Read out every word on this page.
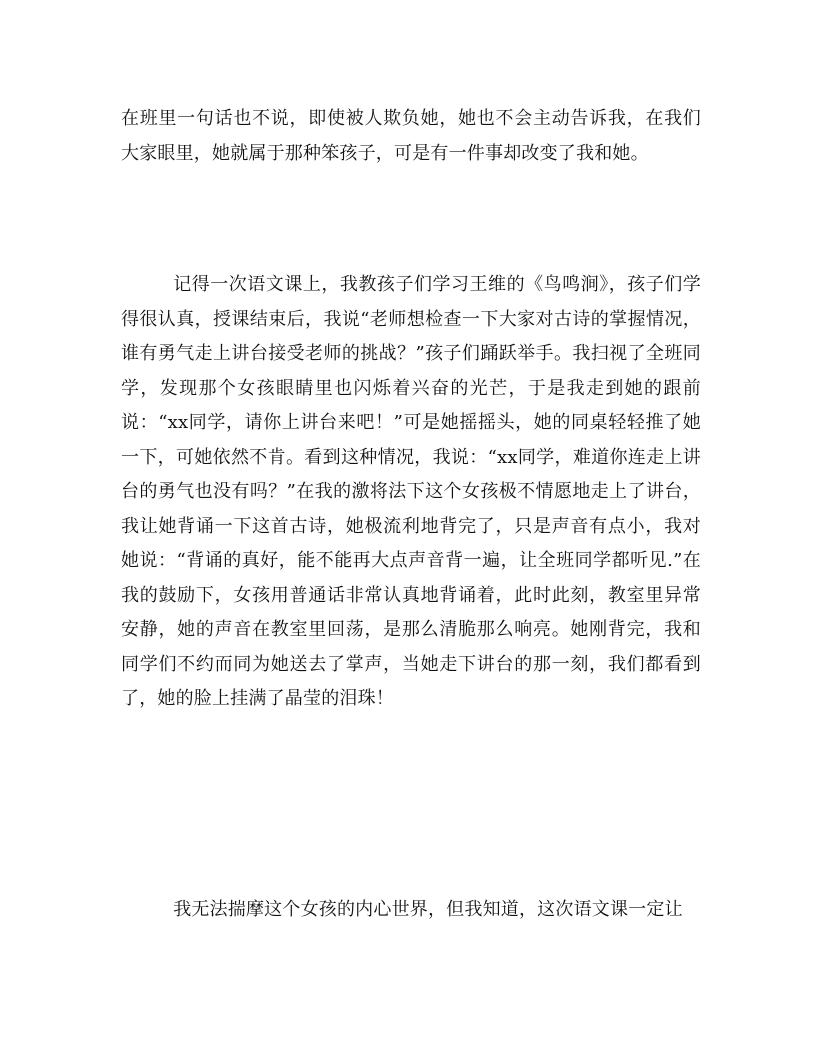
在班里一句话也不说，即使被人欺负她，她也不会主动告诉我，在我们大家眼里，她就属于那种笨孩子，可是有一件事却改变了我和她。

记得一次语文课上，我教孩子们学习王维的《鸟鸣涧》，孩子们学得很认真，授课结束后，我说“老师想检查一下大家对古诗的掌握情况，谁有勇气走上讲台接受老师的挑战？”孩子们踊跃举手。我扫视了全班同学，发现那个女孩眼睛里也闪烁着兴奋的光芒，于是我走到她的跟前说：“xx同学，请你上讲台来吧！”可是她摇摇头，她的同桌轻轻推了她一下，可她依然不肯。看到这种情况，我说：“xx同学，难道你连走上讲台的勇气也没有吗？”在我的激将法下这个女孩极不情愿地走上了讲台，我让她背诵一下这首古诗，她极流利地背完了，只是声音有点小，我对她说：“背诵的真好，能不能再大点声音背一遍，让全班同学都听见.”在我的鼓励下，女孩用普通话非常认真地背诵着，此时此刻，教室里异常安静，她的声音在教室里回荡，是那么清脆那么响亮。她刚背完，我和同学们不约而同为她送去了掌声，当她走下讲台的那一刻，我们都看到了，她的脸上挂满了晶莹的泪珠！

我无法揣摩这个女孩的内心世界，但我知道，这次语文课一定让
